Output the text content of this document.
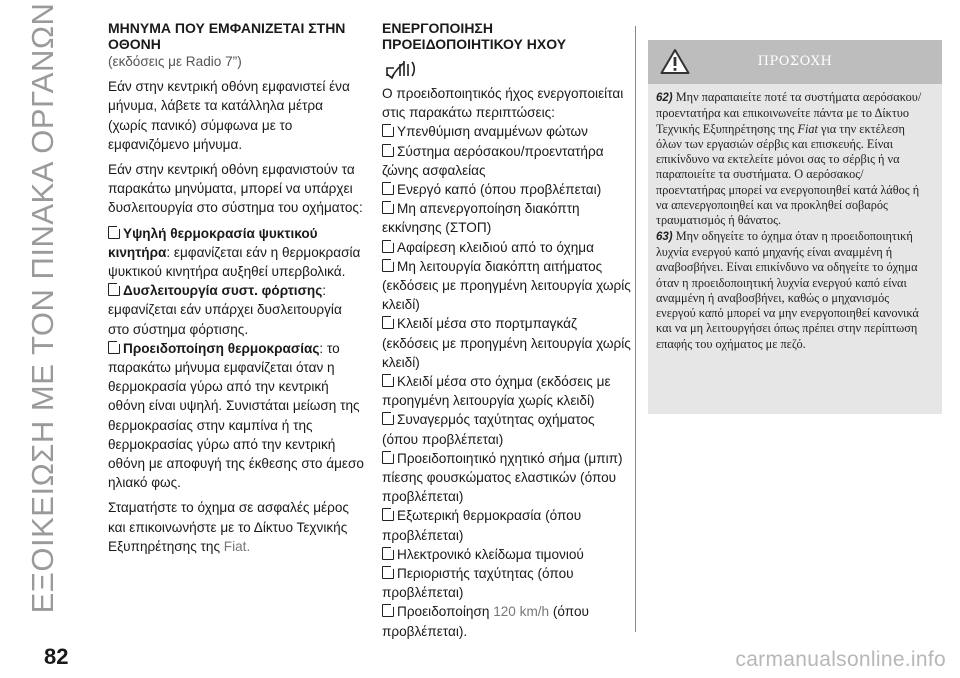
ΕΞΟΙΚΕΙΩΣΗ ΜΕ ΤΟΝ ΠΙΝΑΚΑ ΟΡΓΑΝΩΝ	ΜΗΝΥΜΑ ΠΟΥ ΕΜΦΑΝΙΖΕΤΑΙ ΣΤΗΝ ΟΘΟΝΗ
(εκδόσεις με Radio 7”)

Εάν στην κεντρική οθόνη εμφανιστεί ένα μήνυμα, λάβετε τα κατάλληλα μέτρα (χωρίς πανικό) σύμφωνα με το εμφανιζόμενο μήνυμα.

Εάν στην κεντρική οθόνη εμφανιστούν τα παρακάτω μηνύματα, μπορεί να υπάρχει δυσλειτουργία στο σύστημα του οχήματος:

Υψηλή θερμοκρασία ψυκτικού κινητήρα: εμφανίζεται εάν η θερμοκρασία ψυκτικού κινητήρα αυξηθεί υπερβολικά.
Δυσλειτουργία συστ. φόρτισης: εμφανίζεται εάν υπάρχει δυσλειτουργία στο σύστημα φόρτισης.
Προειδοποίηση θερμοκρασίας: το παρακάτω μήνυμα εμφανίζεται όταν η θερμοκρασία γύρω από την κεντρική οθόνη είναι υψηλή. Συνιστάται μείωση της θερμοκρασίας στην καμπίνα ή της θερμοκρασίας γύρω από την κεντρική οθόνη με αποφυγή της έκθεσης στο άμεσο ηλιακό φως.

Σταματήστε το όχημα σε ασφαλές μέρος και επικοινωνήστε με το Δίκτυο Τεχνικής Εξυπηρέτησης της Fiat.

ΕΝΕΡΓΟΠΟΙΗΣΗ ΠΡΟΕΙΔΟΠΟΙΗΤΙΚΟΥ ΗΧΟΥ
Ο προειδοποιητικός ήχος ενεργοποιείται στις παρακάτω περιπτώσεις:
Υπενθύμιση αναμμένων φώτων
Σύστημα αερόσακου/προεντατήρα ζώνης ασφαλείας
Ενεργό καπό (όπου προβλέπεται)
Μη απενεργοποίηση διακόπτη εκκίνησης (ΣΤΟΠ)
Αφαίρεση κλειδιού από το όχημα
Μη λειτουργία διακόπτη αιτήματος (εκδόσεις με προηγμένη λειτουργία χωρίς κλειδί)
Κλειδί μέσα στο πορτμπαγκάζ (εκδόσεις με προηγμένη λειτουργία χωρίς κλειδί)
Κλειδί μέσα στο όχημα (εκδόσεις με προηγμένη λειτουργία χωρίς κλειδί)
Συναγερμός ταχύτητας οχήματος (όπου προβλέπεται)
Προειδοποιητικό ηχητικό σήμα (μπιπ) πίεσης φουσκώματος ελαστικών (όπου προβλέπεται)
Εξωτερική θερμοκρασία (όπου προβλέπεται)
Ηλεκτρονικό κλείδωμα τιμονιού
Περιοριστής ταχύτητας (όπου προβλέπεται)
Προειδοποίηση 120 km/h (όπου προβλέπεται).
ΠΡΟΣΟΧΗ

62) Μην παραπαιείτε ποτέ τα συστήματα αερόσακου/προεντατήρα και επικοινωνείτε πάντα με το Δίκτυο Τεχνικής Εξυπηρέτησης της Fiat για την εκτέλεση όλων των εργασιών σέρβις και επισκευής. Είναι επικίνδυνο να εκτελείτε μόνοι σας το σέρβις ή να παραποιείτε τα συστήματα. Ο αερόσακος/προεντατήρας μπορεί να ενεργοποιηθεί κατά λάθος ή να απενεργοποιηθεί και να προκληθεί σοβαρός τραυματισμός ή θάνατος.

63) Μην οδηγείτε το όχημα όταν η προειδοποιητική λυχνία ενεργού καπό μηχανής είναι αναμμένη ή αναβοσβήνει. Είναι επικίνδυνο να οδηγείτε το όχημα όταν η προειδοποιητική λυχνία ενεργού καπό είναι αναμμένη ή αναβοσβήνει, καθώς ο μηχανισμός ενεργού καπό μπορεί να μην ενεργοποιηθεί κανονικά και να μη λειτουργήσει όπως πρέπει στην περίπτωση επαφής του οχήματος με πεζό.

82	carmanualsonline.info
